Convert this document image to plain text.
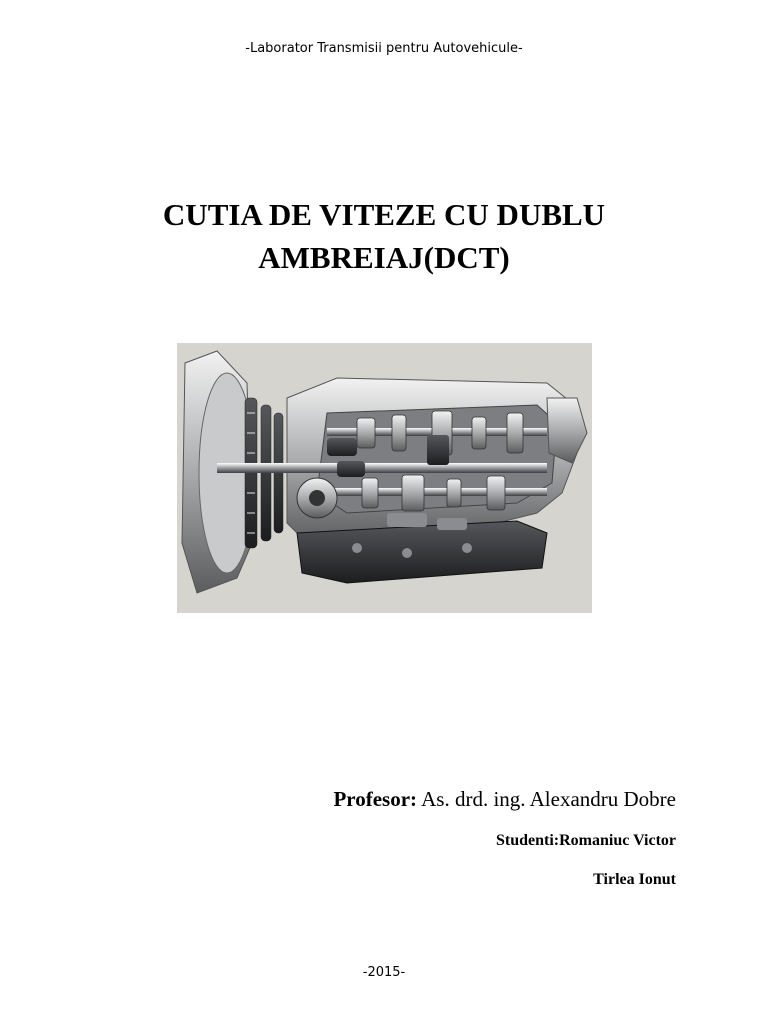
-Laborator Transmisii pentru Autovehicule-
CUTIA DE VITEZE CU DUBLU
AMBREIAJ(DCT)
Profesor: As. drd. ing. Alexandru Dobre
Studenti:Romaniuc Victor
Tirlea Ionut
-2015-
